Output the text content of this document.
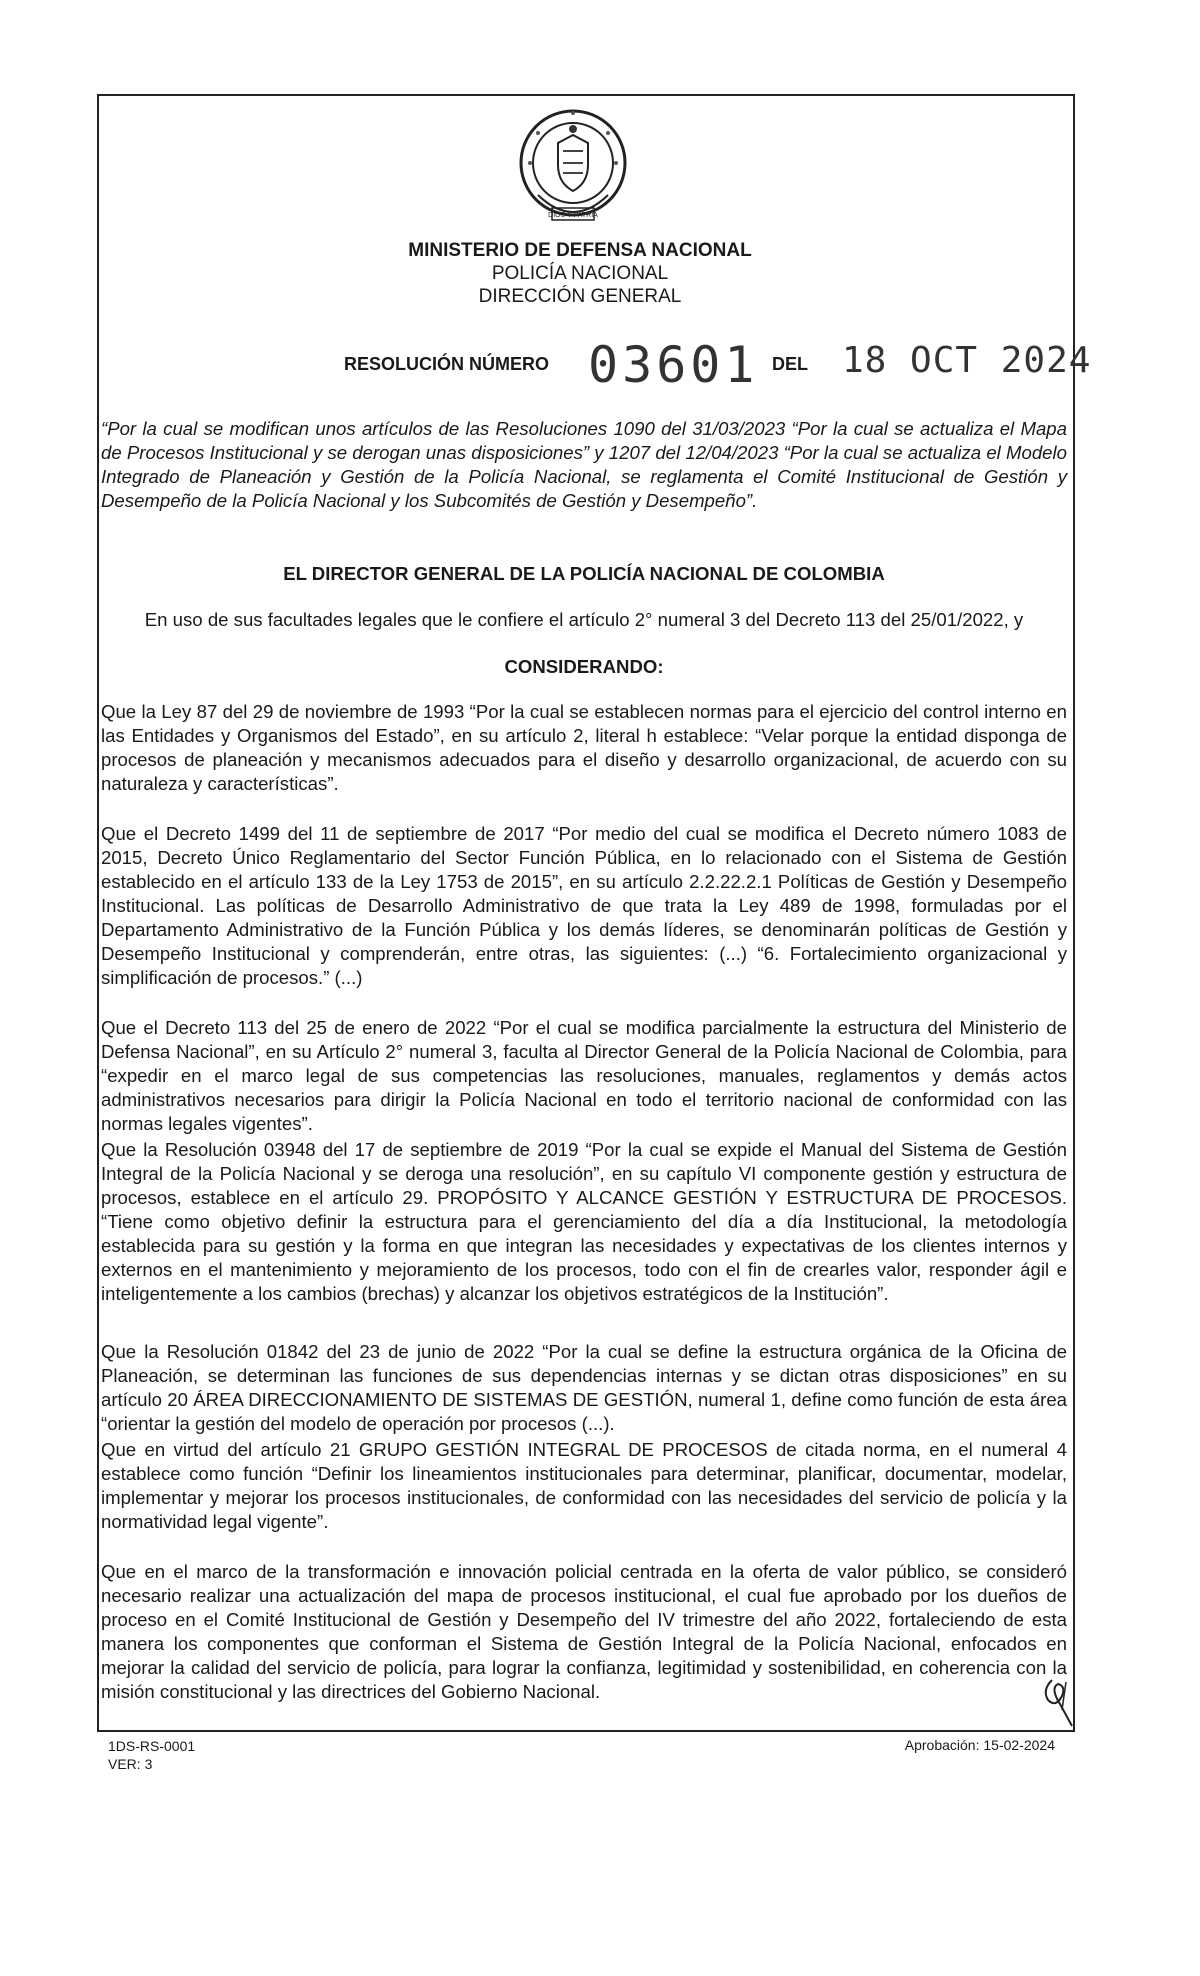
DIOS Y PATRIA
MINISTERIO DE DEFENSA NACIONAL
POLICÍA NACIONAL
DIRECCIÓN GENERAL
RESOLUCIÓN NÚMERO 03601 DEL 18 OCT 2024
“Por la cual se modifican unos artículos de las Resoluciones 1090 del 31/03/2023 “Por la cual se actualiza el Mapa de Procesos Institucional y se derogan unas disposiciones” y 1207 del 12/04/2023 “Por la cual se actualiza el Modelo Integrado de Planeación y Gestión de la Policía Nacional, se reglamenta el Comité Institucional de Gestión y Desempeño de la Policía Nacional y los Subcomités de Gestión y Desempeño”.
EL DIRECTOR GENERAL DE LA POLICÍA NACIONAL DE COLOMBIA
En uso de sus facultades legales que le confiere el artículo 2° numeral 3 del Decreto 113 del 25/01/2022, y
CONSIDERANDO:
Que la Ley 87 del 29 de noviembre de 1993 “Por la cual se establecen normas para el ejercicio del control interno en las Entidades y Organismos del Estado”, en su artículo 2, literal h establece: “Velar porque la entidad disponga de procesos de planeación y mecanismos adecuados para el diseño y desarrollo organizacional, de acuerdo con su naturaleza y características”.
Que el Decreto 1499 del 11 de septiembre de 2017 “Por medio del cual se modifica el Decreto número 1083 de 2015, Decreto Único Reglamentario del Sector Función Pública, en lo relacionado con el Sistema de Gestión establecido en el artículo 133 de la Ley 1753 de 2015”, en su artículo 2.2.22.2.1 Políticas de Gestión y Desempeño Institucional. Las políticas de Desarrollo Administrativo de que trata la Ley 489 de 1998, formuladas por el Departamento Administrativo de la Función Pública y los demás líderes, se denominarán políticas de Gestión y Desempeño Institucional y comprenderán, entre otras, las siguientes: (...) “6. Fortalecimiento organizacional y simplificación de procesos.” (...)
Que el Decreto 113 del 25 de enero de 2022 “Por el cual se modifica parcialmente la estructura del Ministerio de Defensa Nacional”, en su Artículo 2° numeral 3, faculta al Director General de la Policía Nacional de Colombia, para “expedir en el marco legal de sus competencias las resoluciones, manuales, reglamentos y demás actos administrativos necesarios para dirigir la Policía Nacional en todo el territorio nacional de conformidad con las normas legales vigentes”.
Que la Resolución 03948 del 17 de septiembre de 2019 “Por la cual se expide el Manual del Sistema de Gestión Integral de la Policía Nacional y se deroga una resolución”, en su capítulo VI componente gestión y estructura de procesos, establece en el artículo 29. PROPÓSITO Y ALCANCE GESTIÓN Y ESTRUCTURA DE PROCESOS. “Tiene como objetivo definir la estructura para el gerenciamiento del día a día Institucional, la metodología establecida para su gestión y la forma en que integran las necesidades y expectativas de los clientes internos y externos en el mantenimiento y mejoramiento de los procesos, todo con el fin de crearles valor, responder ágil e inteligentemente a los cambios (brechas) y alcanzar los objetivos estratégicos de la Institución”.
Que la Resolución 01842 del 23 de junio de 2022 “Por la cual se define la estructura orgánica de la Oficina de Planeación, se determinan las funciones de sus dependencias internas y se dictan otras disposiciones” en su artículo 20 ÁREA DIRECCIONAMIENTO DE SISTEMAS DE GESTIÓN, numeral 1, define como función de esta área “orientar la gestión del modelo de operación por procesos (...).
Que en virtud del artículo 21 GRUPO GESTIÓN INTEGRAL DE PROCESOS de citada norma, en el numeral 4 establece como función “Definir los lineamientos institucionales para determinar, planificar, documentar, modelar, implementar y mejorar los procesos institucionales, de conformidad con las necesidades del servicio de policía y la normatividad legal vigente”.
Que en el marco de la transformación e innovación policial centrada en la oferta de valor público, se consideró necesario realizar una actualización del mapa de procesos institucional, el cual fue aprobado por los dueños de proceso en el Comité Institucional de Gestión y Desempeño del IV trimestre del año 2022, fortaleciendo de esta manera los componentes que conforman el Sistema de Gestión Integral de la Policía Nacional, enfocados en mejorar la calidad del servicio de policía, para lograr la confianza, legitimidad y sostenibilidad, en coherencia con la misión constitucional y las directrices del Gobierno Nacional.
1DS-RS-0001
VER: 3
Aprobación: 15-02-2024
